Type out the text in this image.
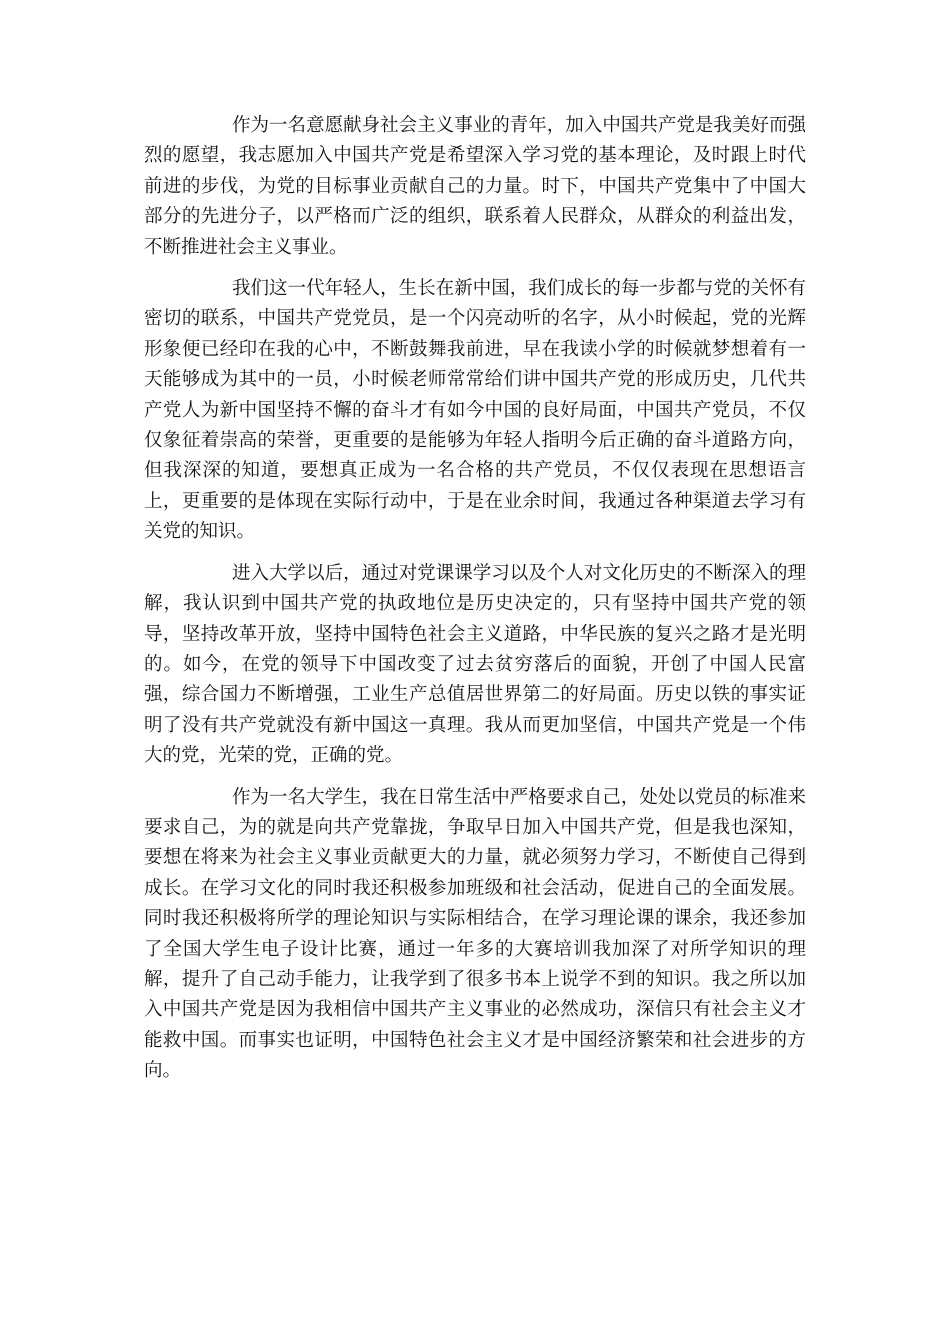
作为一名意愿献身社会主义事业的青年，加入中国共产党是我美好而强烈的愿望，我志愿加入中国共产党是希望深入学习党的基本理论，及时跟上时代前进的步伐，为党的目标事业贡献自己的力量。时下，中国共产党集中了中国大部分的先进分子，以严格而广泛的组织，联系着人民群众，从群众的利益出发，不断推进社会主义事业。

我们这一代年轻人，生长在新中国，我们成长的每一步都与党的关怀有密切的联系，中国共产党党员，是一个闪亮动听的名字，从小时候起，党的光辉形象便已经印在我的心中，不断鼓舞我前进，早在我读小学的时候就梦想着有一天能够成为其中的一员，小时候老师常常给们讲中国共产党的形成历史，几代共产党人为新中国坚持不懈的奋斗才有如今中国的良好局面，中国共产党员，不仅仅象征着崇高的荣誉，更重要的是能够为年轻人指明今后正确的奋斗道路方向，但我深深的知道，要想真正成为一名合格的共产党员，不仅仅表现在思想语言上，更重要的是体现在实际行动中，于是在业余时间，我通过各种渠道去学习有关党的知识。

进入大学以后，通过对党课课学习以及个人对文化历史的不断深入的理解，我认识到中国共产党的执政地位是历史决定的，只有坚持中国共产党的领导，坚持改革开放，坚持中国特色社会主义道路，中华民族的复兴之路才是光明的。如今，在党的领导下中国改变了过去贫穷落后的面貌，开创了中国人民富强，综合国力不断增强，工业生产总值居世界第二的好局面。历史以铁的事实证明了没有共产党就没有新中国这一真理。我从而更加坚信，中国共产党是一个伟大的党，光荣的党，正确的党。

作为一名大学生，我在日常生活中严格要求自己，处处以党员的标准来要求自己，为的就是向共产党靠拢，争取早日加入中国共产党，但是我也深知，要想在将来为社会主义事业贡献更大的力量，就必须努力学习，不断使自己得到成长。在学习文化的同时我还积极参加班级和社会活动，促进自己的全面发展。同时我还积极将所学的理论知识与实际相结合，在学习理论课的课余，我还参加了全国大学生电子设计比赛，通过一年多的大赛培训我加深了对所学知识的理解，提升了自己动手能力，让我学到了很多书本上说学不到的知识。我之所以加入中国共产党是因为我相信中国共产主义事业的必然成功，深信只有社会主义才能救中国。而事实也证明，中国特色社会主义才是中国经济繁荣和社会进步的方向。
